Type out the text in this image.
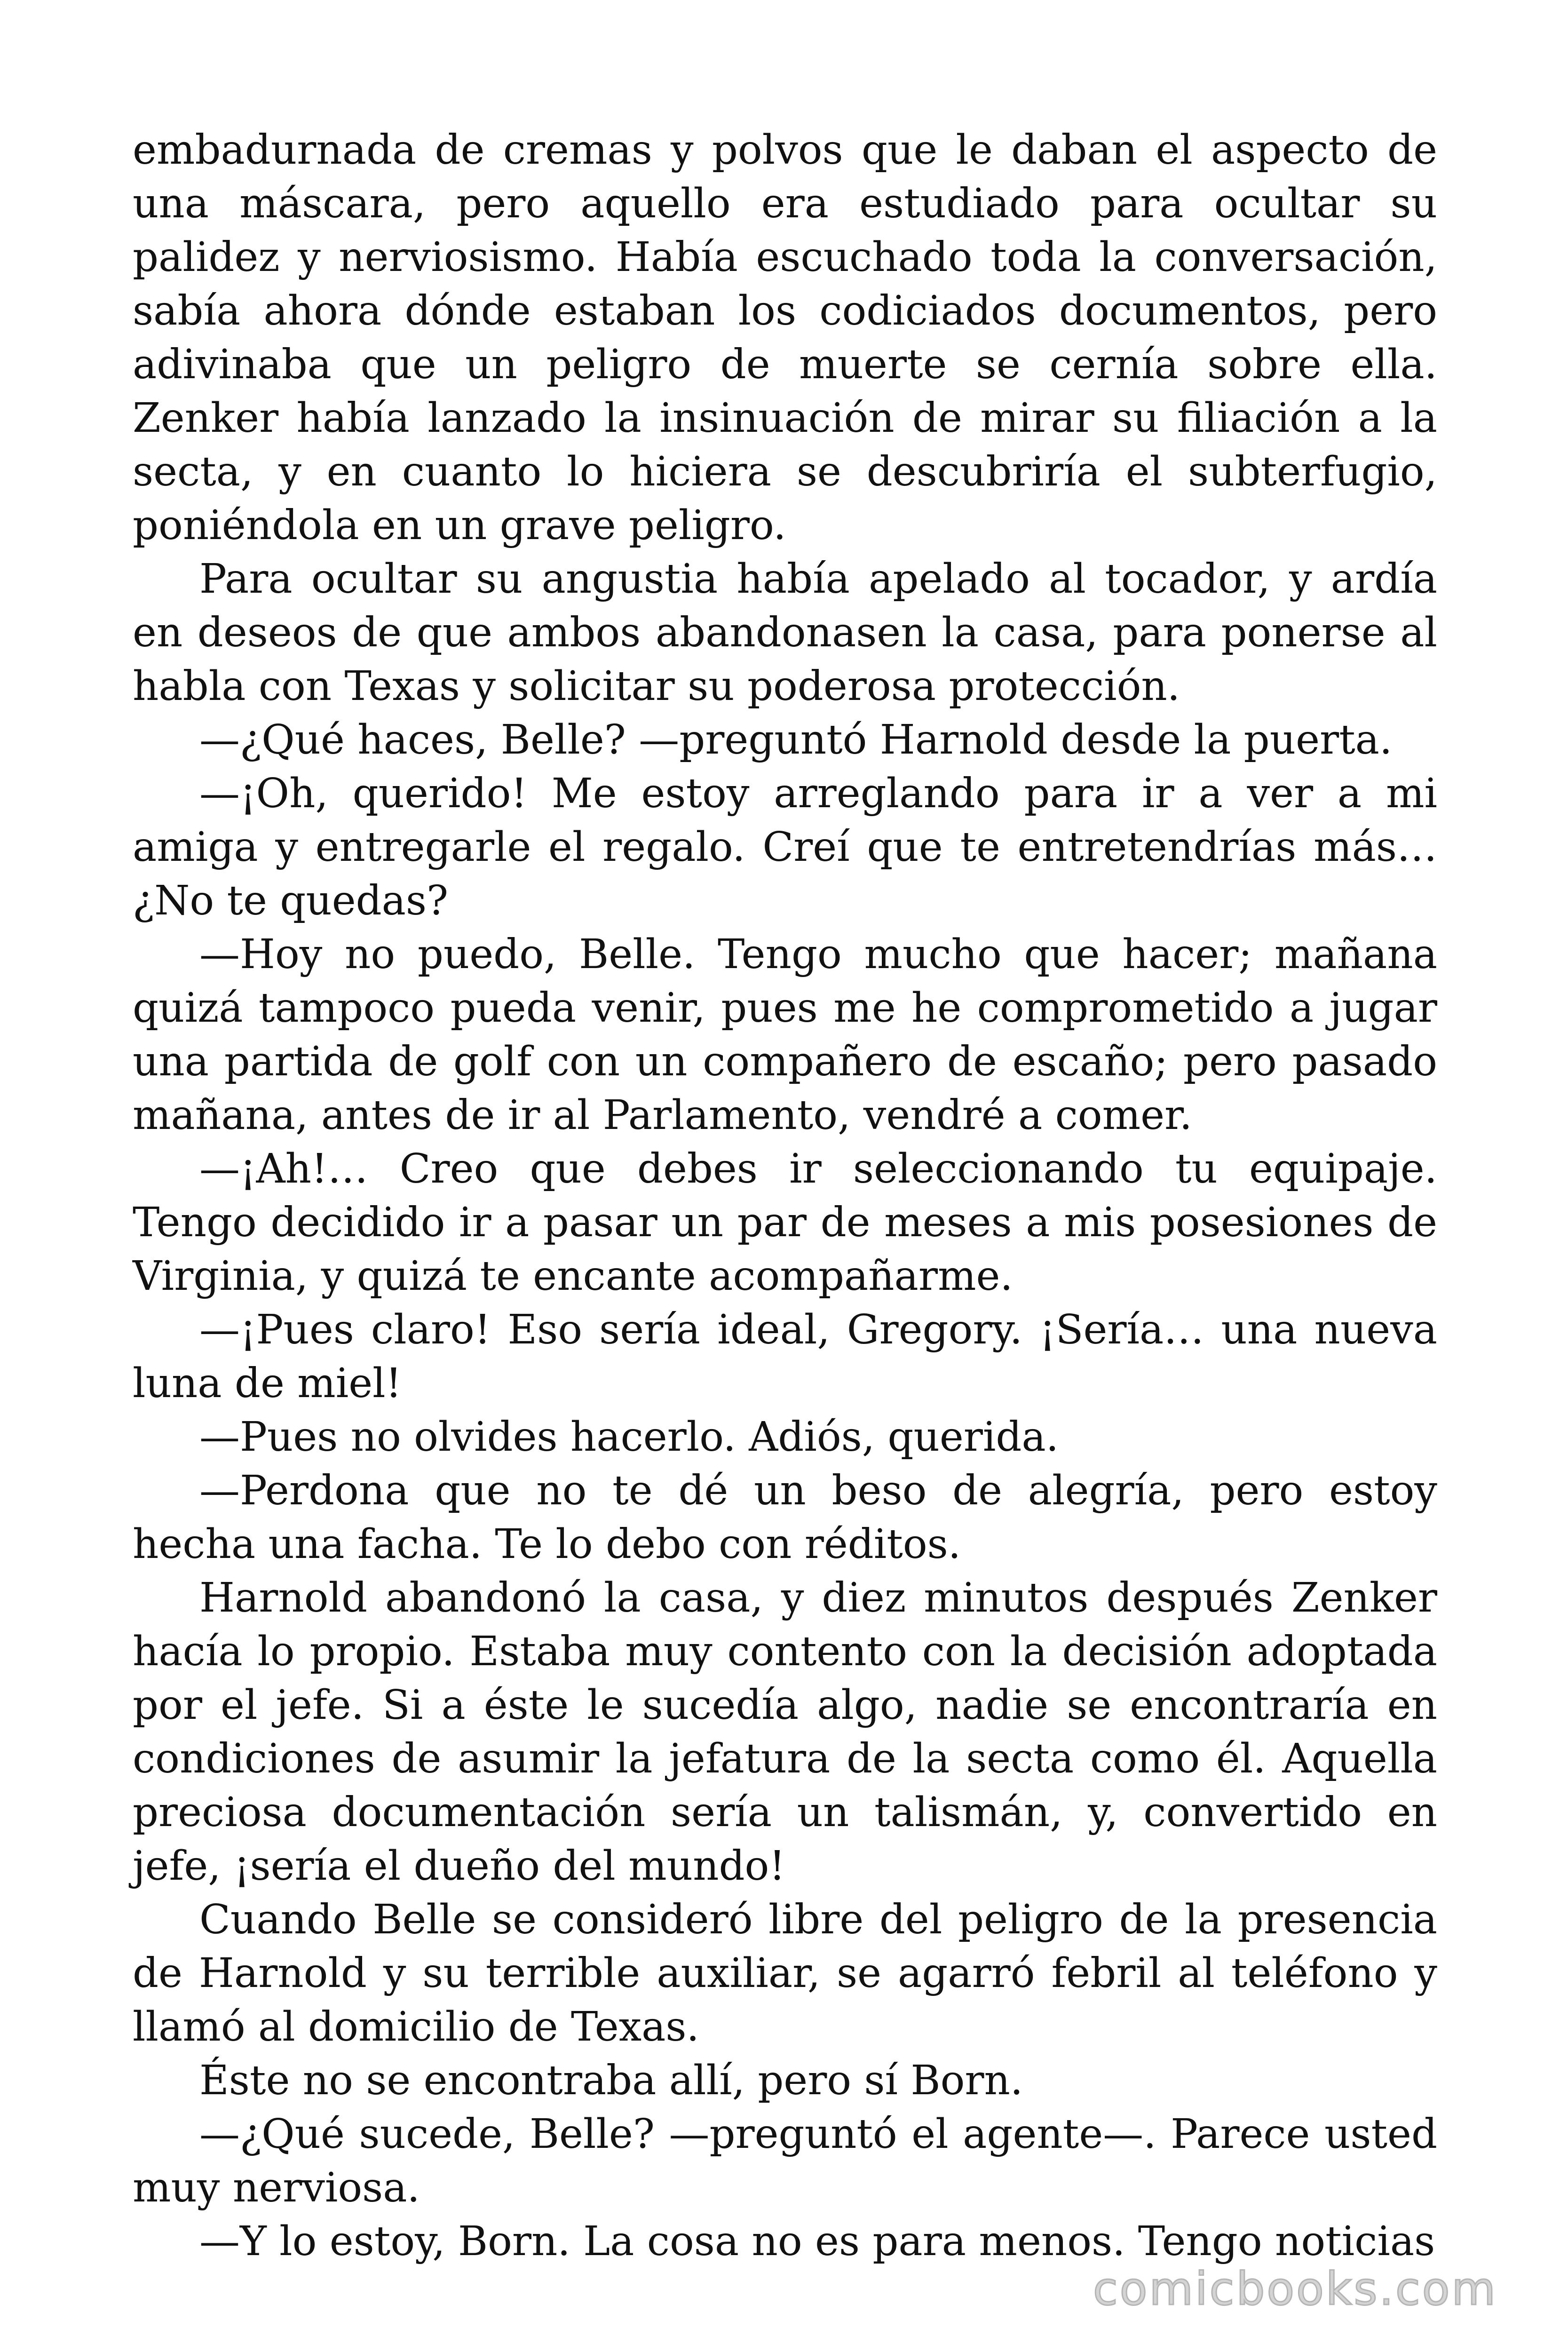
embadurnada de cremas y polvos que le daban el aspecto de una máscara, pero aquello era estudiado para ocultar su palidez y nerviosismo. Había escuchado toda la conversación, sabía ahora dónde estaban los codiciados documentos, pero adivinaba que un peligro de muerte se cernía sobre ella. Zenker había lanzado la insinuación de mirar su filiación a la secta, y en cuanto lo hiciera se descubriría el subterfugio, poniéndola en un grave peligro.

Para ocultar su angustia había apelado al tocador, y ardía en deseos de que ambos abandonasen la casa, para ponerse al habla con Texas y solicitar su poderosa protección.

—¿Qué haces, Belle? —preguntó Harnold desde la puerta.

—¡Oh, querido! Me estoy arreglando para ir a ver a mi amiga y entregarle el regalo. Creí que te entretendrías más… ¿No te quedas?

—Hoy no puedo, Belle. Tengo mucho que hacer; mañana quizá tampoco pueda venir, pues me he comprometido a jugar una partida de golf con un compañero de escaño; pero pasado mañana, antes de ir al Parlamento, vendré a comer.

—¡Ah!… Creo que debes ir seleccionando tu equipaje. Tengo decidido ir a pasar un par de meses a mis posesiones de Virginia, y quizá te encante acompañarme.

—¡Pues claro! Eso sería ideal, Gregory. ¡Sería… una nueva luna de miel!

—Pues no olvides hacerlo. Adiós, querida.

—Perdona que no te dé un beso de alegría, pero estoy hecha una facha. Te lo debo con réditos.

Harnold abandonó la casa, y diez minutos después Zenker hacía lo propio. Estaba muy contento con la decisión adoptada por el jefe. Si a éste le sucedía algo, nadie se encontraría en condiciones de asumir la jefatura de la secta como él. Aquella preciosa documentación sería un talismán, y, convertido en jefe, ¡sería el dueño del mundo!

Cuando Belle se consideró libre del peligro de la presencia de Harnold y su terrible auxiliar, se agarró febril al teléfono y llamó al domicilio de Texas.

Éste no se encontraba allí, pero sí Born.

—¿Qué sucede, Belle? —preguntó el agente—. Parece usted muy nerviosa.

—Y lo estoy, Born. La cosa no es para menos. Tengo noticias

comicbooks.com
